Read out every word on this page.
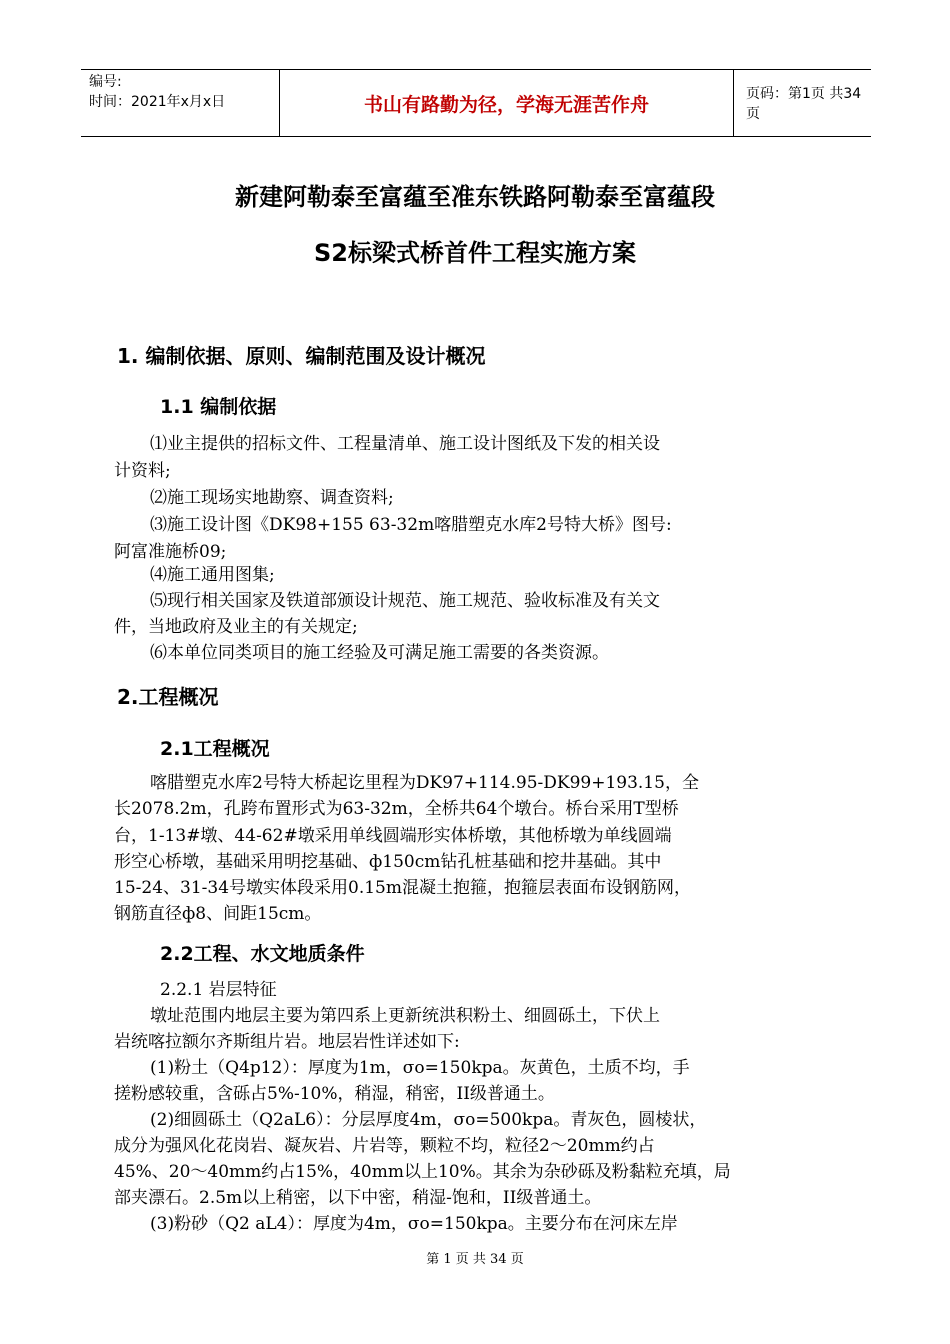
编号:
时间：2021年x月x日	书山有路勤为径，学海无涯苦作舟	页码：第1页 共34页
新建阿勒泰至富蕴至准东铁路阿勒泰至富蕴段
S2标梁式桥首件工程实施方案
1. 编制依据、原则、编制范围及设计概况
1.1 编制依据
⑴业主提供的招标文件、工程量清单、施工设计图纸及下发的相关设
计资料;
⑵施工现场实地勘察、调查资料;
⑶施工设计图《DK98+155 63-32m喀腊塑克水库2号特大桥》图号:
阿富准施桥09;
⑷施工通用图集;
⑸现行相关国家及铁道部颁设计规范、施工规范、验收标准及有关文
件，当地政府及业主的有关规定;
⑹本单位同类项目的施工经验及可满足施工需要的各类资源。
2.工程概况
2.1工程概况
喀腊塑克水库2号特大桥起讫里程为DK97+114.95-DK99+193.15，全
长2078.2m，孔跨布置形式为63-32m，全桥共64个墩台。桥台采用T型桥
台，1-13#墩、44-62#墩采用单线圆端形实体桥墩，其他桥墩为单线圆端
形空心桥墩，基础采用明挖基础、ф150cm钻孔桩基础和挖井基础。其中
15-24、31-34号墩实体段采用0.15m混凝土抱箍，抱箍层表面布设钢筋网，
钢筋直径ф8、间距15cm。
2.2工程、水文地质条件
2.2.1 岩层特征
墩址范围内地层主要为第四系上更新统洪积粉土、细圆砾土，下伏上
岩统喀拉额尔齐斯组片岩。地层岩性详述如下:
(1)粉土（Q4p12）：厚度为1m，σo=150kpa。灰黄色，土质不均，手
搓粉感较重，含砾占5%-10%，稍湿，稍密，II级普通土。
(2)细圆砾土（Q2aL6）：分层厚度4m，σo=500kpa。青灰色，圆棱状，
成分为强风化花岗岩、凝灰岩、片岩等，颗粒不均，粒径2～20mm约占
45%、20～40mm约占15%，40mm以上10%。其余为杂砂砾及粉黏粒充填，局
部夹漂石。2.5m以上稍密，以下中密，稍湿-饱和，II级普通土。
(3)粉砂（Q2 aL4）：厚度为4m，σo=150kpa。主要分布在河床左岸
第 1 页 共 34 页
